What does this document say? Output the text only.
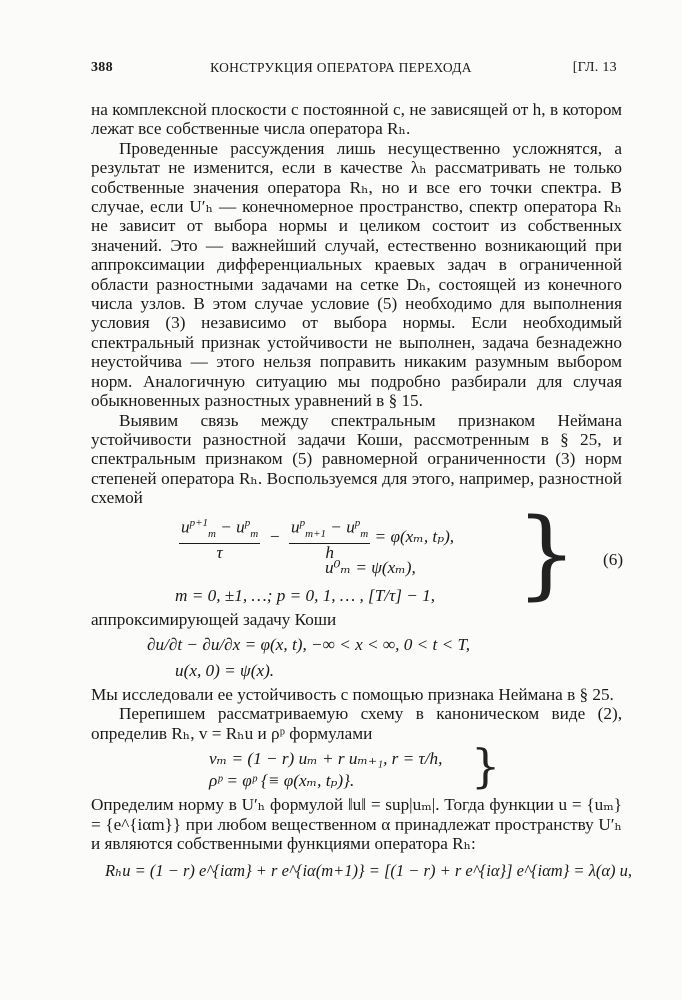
388	КОНСТРУКЦИЯ ОПЕРАТОРА ПЕРЕХОДА	[ГЛ. 13

на комплексной плоскости с постоянной c, не зависящей от h, в котором лежат все собственные числа оператора Rₕ.

Проведенные рассуждения лишь несущественно усложнятся, а результат не изменится, если в качестве λₕ рассматривать не только собственные значения оператора Rₕ, но и все его точки спектра. В случае, если U′ₕ — конечномерное пространство, спектр оператора Rₕ не зависит от выбора нормы и целиком состоит из собственных значений. Это — важнейший случай, естественно возникающий при аппроксимации дифференциальных краевых задач в ограниченной области разностными задачами на сетке Dₕ, состоящей из конечного числа узлов. В этом случае условие (5) необходимо для выполнения условия (3) независимо от выбора нормы. Если необходимый спектральный признак устойчивости не выполнен, задача безнадежно неустойчива — этого нельзя поправить никаким разумным выбором норм. Аналогичную ситуацию мы подробно разбирали для случая обыкновенных разностных уравнений в § 15.

Выявим связь между спектральным признаком Неймана устойчивости разностной задачи Коши, рассмотренным в § 25, и спектральным признаком (5) равномерной ограниченности (3) норм степеней оператора Rₕ. Воспользуемся для этого, например, разностной схемой

$u^{p+1}_m - u^p_m$
τ
− $u^p_{m+1} - u^p_m$
h
= φ(xₘ, tₚ),
u⁰ₘ = ψ(xₘ),
m = 0, ±1, …; p = 0, 1, … , [T/τ] − 1, } (6)

аппроксимирующей задачу Коши

∂u/∂t − ∂u/∂x = φ(x, t), −∞ < x < ∞, 0 < t < T,
u(x, 0) = ψ(x).

Мы исследовали ее устойчивость с помощью признака Неймана в § 25.

Перепишем рассматриваемую схему в каноническом виде (2), определив Rₕ, v = Rₕu и ρᵖ формулами

vₘ = (1 − r) uₘ + r uₘ₊₁, r = τ/h,
ρᵖ = φᵖ {≡ φ(xₘ, tₚ)}.	}

Определим норму в U′ₕ формулой ‖u‖ = sup|uₘ|. Тогда функции u = {uₘ} = {e^{iαm}} при любом вещественном α принадлежат пространству U′ₕ и являются собственными функциями оператора Rₕ:

Rₕu = (1 − r) e^{iαm} + r e^{iα(m+1)} = [(1 − r) + r e^{iα}] e^{iαm} = λ(α) u,
